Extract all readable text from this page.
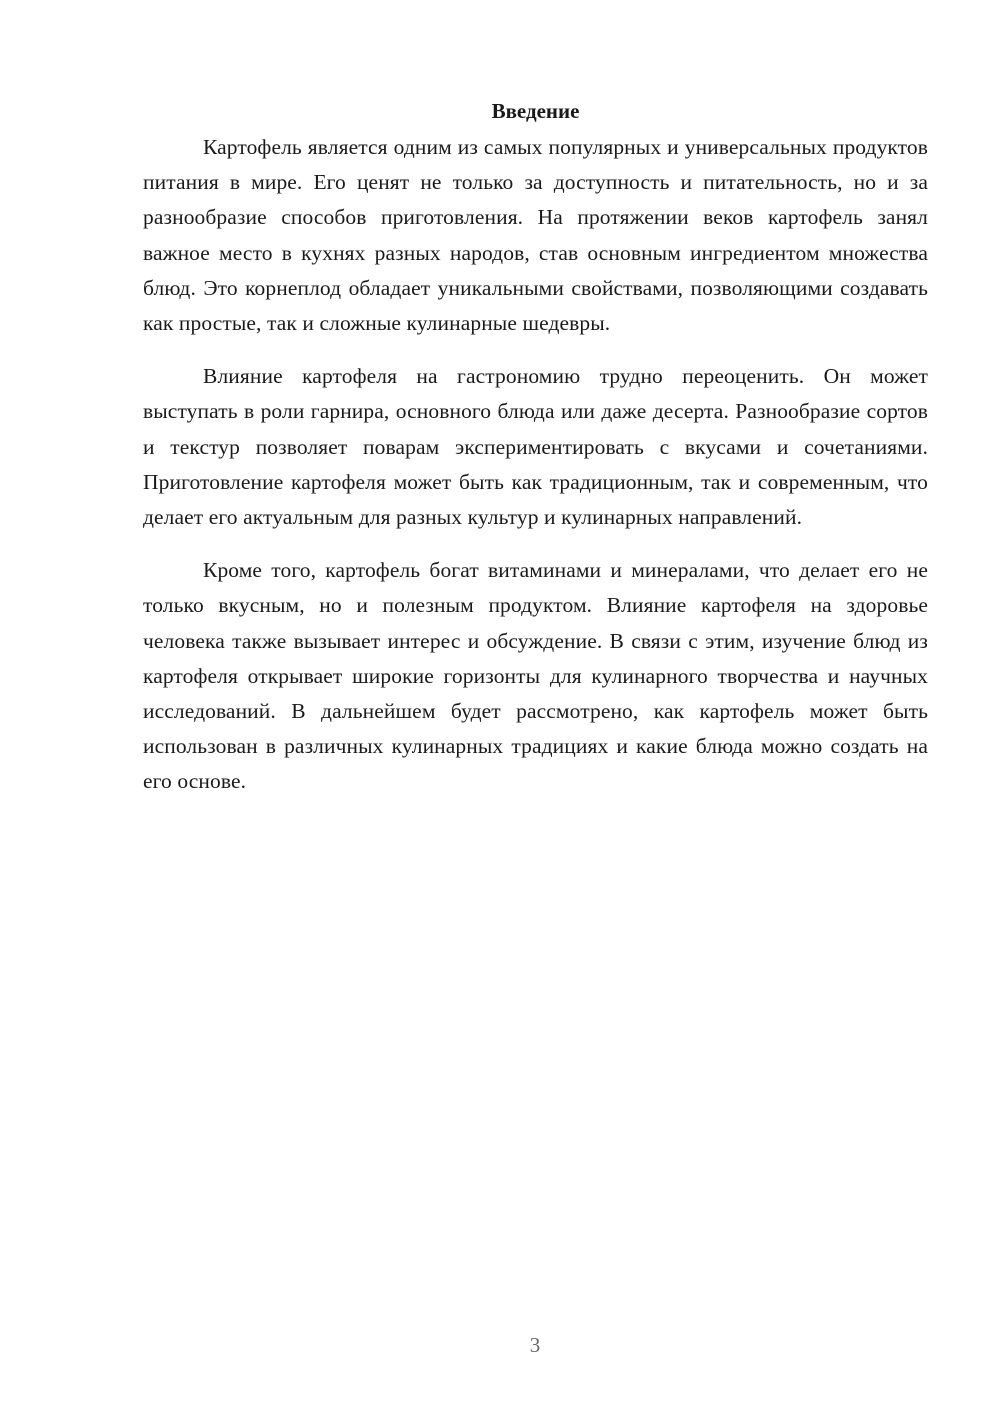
Введение

Картофель является одним из самых популярных и универсальных продуктов питания в мире. Его ценят не только за доступность и питательность, но и за разнообразие способов приготовления. На протяжении веков картофель занял важное место в кухнях разных народов, став основным ингредиентом множества блюд. Это корнеплод обладает уникальными свойствами, позволяющими создавать как простые, так и сложные кулинарные шедевры.

Влияние картофеля на гастрономию трудно переоценить. Он может выступать в роли гарнира, основного блюда или даже десерта. Разнообразие сортов и текстур позволяет поварам экспериментировать с вкусами и сочетаниями. Приготовление картофеля может быть как традиционным, так и современным, что делает его актуальным для разных культур и кулинарных направлений.

Кроме того, картофель богат витаминами и минералами, что делает его не только вкусным, но и полезным продуктом. Влияние картофеля на здоровье человека также вызывает интерес и обсуждение. В связи с этим, изучение блюд из картофеля открывает широкие горизонты для кулинарного творчества и научных исследований. В дальнейшем будет рассмотрено, как картофель может быть использован в различных кулинарных традициях и какие блюда можно создать на его основе.

3
